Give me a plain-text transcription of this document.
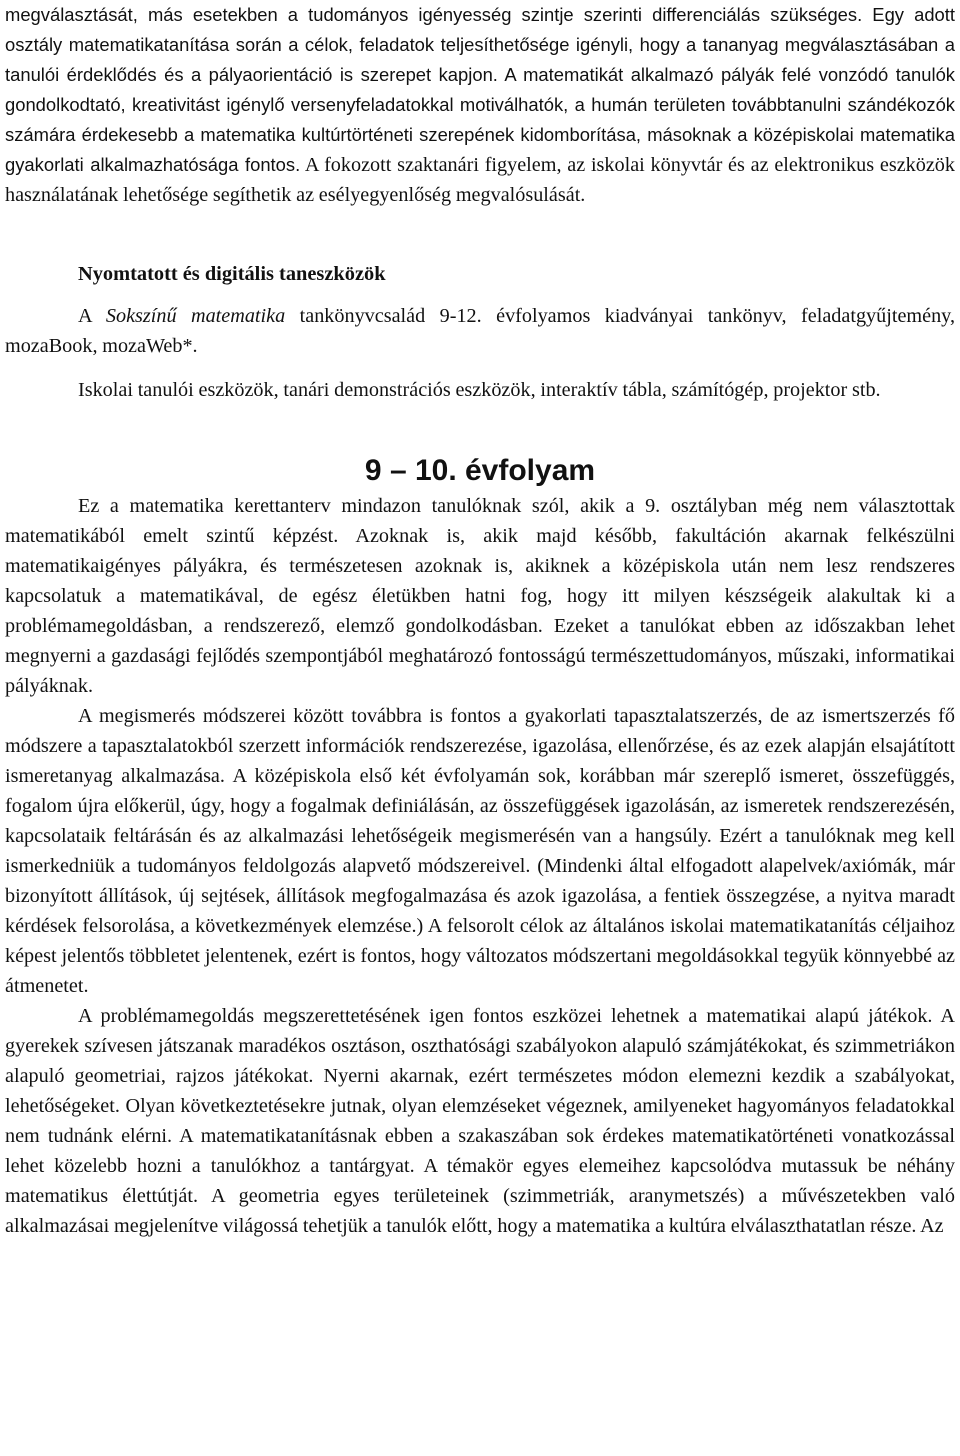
megválasztását, más esetekben a tudományos igényesség szintje szerinti differenciálás szükséges. Egy adott osztály matematikatanítása során a célok, feladatok teljesíthetősége igényli, hogy a tananyag megválasztásában a tanulói érdeklődés és a pályaorientáció is szerepet kapjon. A matematikát alkalmazó pályák felé vonzódó tanulók gondolkodtató, kreativitást igénylő versenyfeladatokkal motiválhatók, a humán területen továbbtanulni szándékozók számára érdekesebb a matematika kultúrtörténeti szerepének kidomborítása, másoknak a középiskolai matematika gyakorlati alkalmazhatósága fontos. A fokozott szaktanári figyelem, az iskolai könyvtár és az elektronikus eszközök használatának lehetősége segíthetik az esélyegyenlőség megvalósulását.

Nyomtatott és digitális taneszközök

A Sokszínű matematika tankönyvcsalád 9-12. évfolyamos kiadványai tankönyv, feladatgyűjtemény, mozaBook, mozaWeb*.

Iskolai tanulói eszközök, tanári demonstrációs eszközök, interaktív tábla, számítógép, projektor stb.

9 – 10. évfolyam

Ez a matematika kerettanterv mindazon tanulóknak szól, akik a 9. osztályban még nem választottak matematikából emelt szintű képzést. Azoknak is, akik majd később, fakultáción akarnak felkészülni matematikaigényes pályákra, és természetesen azoknak is, akiknek a középiskola után nem lesz rendszeres kapcsolatuk a matematikával, de egész életükben hatni fog, hogy itt milyen készségeik alakultak ki a problémamegoldásban, a rendszerező, elemző gondolkodásban. Ezeket a tanulókat ebben az időszakban lehet megnyerni a gazdasági fejlődés szempontjából meghatározó fontosságú természettudományos, műszaki, informatikai pályáknak.

A megismerés módszerei között továbbra is fontos a gyakorlati tapasztalatszerzés, de az ismertszerzés fő módszere a tapasztalatokból szerzett információk rendszerezése, igazolása, ellenőrzése, és az ezek alapján elsajátított ismeretanyag alkalmazása. A középiskola első két évfolyamán sok, korábban már szereplő ismeret, összefüggés, fogalom újra előkerül, úgy, hogy a fogalmak definiálásán, az összefüggések igazolásán, az ismeretek rendszerezésén, kapcsolataik feltárásán és az alkalmazási lehetőségeik megismerésén van a hangsúly. Ezért a tanulóknak meg kell ismerkedniük a tudományos feldolgozás alapvető módszereivel. (Mindenki által elfogadott alapelvek/axiómák, már bizonyított állítások, új sejtések, állítások megfogalmazása és azok igazolása, a fentiek összegzése, a nyitva maradt kérdések felsorolása, a következmények elemzése.) A felsorolt célok az általános iskolai matematikatanítás céljaihoz képest jelentős többletet jelentenek, ezért is fontos, hogy változatos módszertani megoldásokkal tegyük könnyebbé az átmenetet.

A problémamegoldás megszerettetésének igen fontos eszközei lehetnek a matematikai alapú játékok. A gyerekek szívesen játszanak maradékos osztáson, oszthatósági szabályokon alapuló számjátékokat, és szimmetriákon alapuló geometriai, rajzos játékokat. Nyerni akarnak, ezért természetes módon elemezni kezdik a szabályokat, lehetőségeket. Olyan következtetésekre jutnak, olyan elemzéseket végeznek, amilyeneket hagyományos feladatokkal nem tudnánk elérni. A matematikatanításnak ebben a szakaszában sok érdekes matematikatörténeti vonatkozással lehet közelebb hozni a tanulókhoz a tantárgyat. A témakör egyes elemeihez kapcsolódva mutassuk be néhány matematikus élettútját. A geometria egyes területeinek (szimmetriák, aranymetszés) a művészetekben való alkalmazásai megjelenítve világossá tehetjük a tanulók előtt, hogy a matematika a kultúra elválaszthatatlan része. Az
